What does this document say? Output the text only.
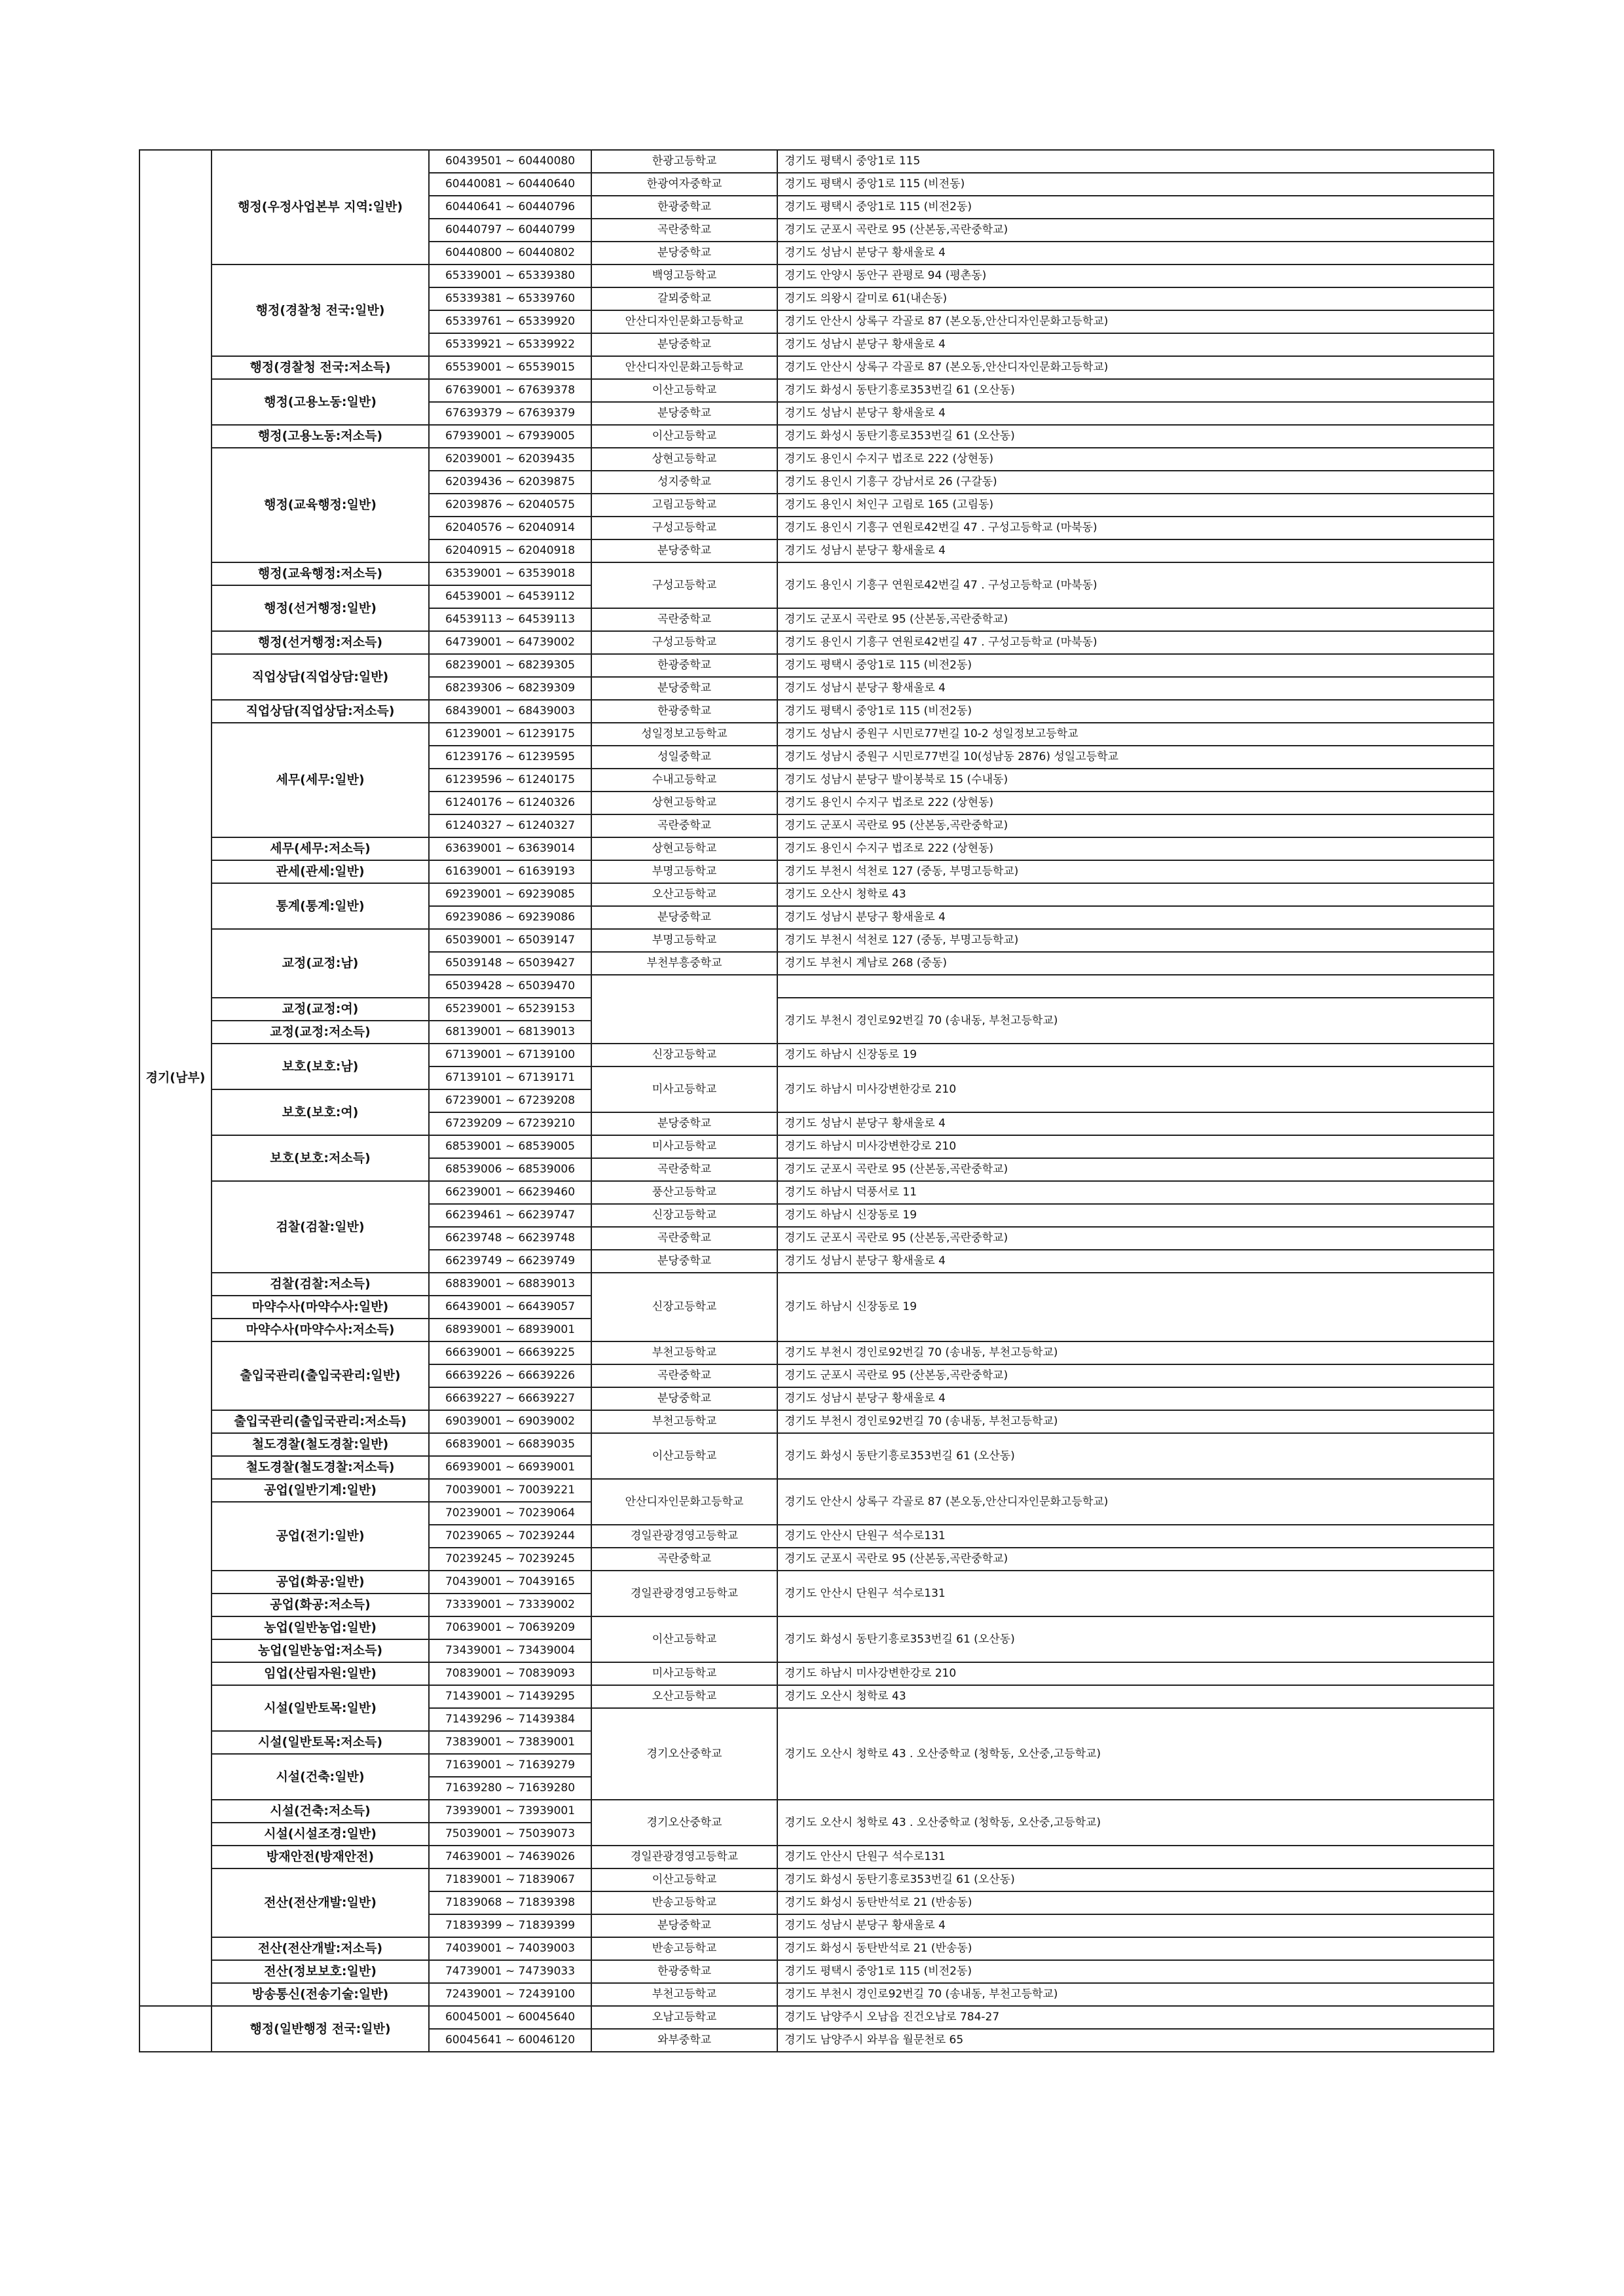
경기(남부)	행정(우정사업본부 지역:일반)	60439501 ~ 60440080	한광고등학교	경기도 평택시 중앙1로 115
		60440081 ~ 60440640	한광여자중학교	경기도 평택시 중앙1로 115 (비전동)
		60440641 ~ 60440796	한광중학교	경기도 평택시 중앙1로 115 (비전2동)
		60440797 ~ 60440799	곡란중학교	경기도 군포시 곡란로 95 (산본동,곡란중학교)
		60440800 ~ 60440802	분당중학교	경기도 성남시 분당구 황새울로 4
	행정(경찰청 전국:일반)	65339001 ~ 65339380	백영고등학교	경기도 안양시 동안구 관평로 94 (평촌동)
		65339381 ~ 65339760	갈뫼중학교	경기도 의왕시 갈미로 61(내손동)
		65339761 ~ 65339920	안산디자인문화고등학교	경기도 안산시 상록구 각골로 87 (본오동,안산디자인문화고등학교)
		65339921 ~ 65339922	분당중학교	경기도 성남시 분당구 황새울로 4
	행정(경찰청 전국:저소득)	65539001 ~ 65539015	안산디자인문화고등학교	경기도 안산시 상록구 각골로 87 (본오동,안산디자인문화고등학교)
	행정(고용노동:일반)	67639001 ~ 67639378	이산고등학교	경기도 화성시 동탄기흥로353번길 61 (오산동)
		67639379 ~ 67639379	분당중학교	경기도 성남시 분당구 황새울로 4
	행정(고용노동:저소득)	67939001 ~ 67939005	이산고등학교	경기도 화성시 동탄기흥로353번길 61 (오산동)
	행정(교육행정:일반)	62039001 ~ 62039435	상현고등학교	경기도 용인시 수지구 법조로 222 (상현동)
		62039436 ~ 62039875	성지중학교	경기도 용인시 기흥구 강남서로 26 (구갈동)
		62039876 ~ 62040575	고림고등학교	경기도 용인시 처인구 고림로 165 (고림동)
		62040576 ~ 62040914	구성고등학교	경기도 용인시 기흥구 연원로42번길 47 . 구성고등학교 (마북동)
		62040915 ~ 62040918	분당중학교	경기도 성남시 분당구 황새울로 4
	행정(교육행정:저소득)	63539001 ~ 63539018	구성고등학교	경기도 용인시 기흥구 연원로42번길 47 . 구성고등학교 (마북동)
	행정(선거행정:일반)	64539001 ~ 64539112		
		64539113 ~ 64539113	곡란중학교	경기도 군포시 곡란로 95 (산본동,곡란중학교)
	행정(선거행정:저소득)	64739001 ~ 64739002	구성고등학교	경기도 용인시 기흥구 연원로42번길 47 . 구성고등학교 (마북동)
	직업상담(직업상담:일반)	68239001 ~ 68239305	한광중학교	경기도 평택시 중앙1로 115 (비전2동)
		68239306 ~ 68239309	분당중학교	경기도 성남시 분당구 황새울로 4
	직업상담(직업상담:저소득)	68439001 ~ 68439003	한광중학교	경기도 평택시 중앙1로 115 (비전2동)
	세무(세무:일반)	61239001 ~ 61239175	성일정보고등학교	경기도 성남시 중원구 시민로77번길 10-2 성일정보고등학교
		61239176 ~ 61239595	성일중학교	경기도 성남시 중원구 시민로77번길 10(성남동 2876) 성일고등학교
		61239596 ~ 61240175	수내고등학교	경기도 성남시 분당구 발이봉북로 15 (수내동)
		61240176 ~ 61240326	상현고등학교	경기도 용인시 수지구 법조로 222 (상현동)
		61240327 ~ 61240327	곡란중학교	경기도 군포시 곡란로 95 (산본동,곡란중학교)
	세무(세무:저소득)	63639001 ~ 63639014	상현고등학교	경기도 용인시 수지구 법조로 222 (상현동)
	관세(관세:일반)	61639001 ~ 61639193	부명고등학교	경기도 부천시 석천로 127 (중동, 부명고등학교)
	통계(통계:일반)	69239001 ~ 69239085	오산고등학교	경기도 오산시 청학로 43
		69239086 ~ 69239086	분당중학교	경기도 성남시 분당구 황새울로 4
	교정(교정:남)	65039001 ~ 65039147	부명고등학교	경기도 부천시 석천로 127 (중동, 부명고등학교)
		65039148 ~ 65039427	부천부흥중학교	경기도 부천시 계남로 268 (중동)
		65039428 ~ 65039470		
	교정(교정:여)	65239001 ~ 65239153		경기도 부천시 경인로92번길 70 (송내동, 부천고등학교)
	교정(교정:저소득)	68139001 ~ 68139013		
	보호(보호:남)	67139001 ~ 67139100	신장고등학교	경기도 하남시 신장동로 19
		67139101 ~ 67139171	미사고등학교	경기도 하남시 미사강변한강로 210
	보호(보호:여)	67239001 ~ 67239208		
		67239209 ~ 67239210	분당중학교	경기도 성남시 분당구 황새울로 4
	보호(보호:저소득)	68539001 ~ 68539005	미사고등학교	경기도 하남시 미사강변한강로 210
		68539006 ~ 68539006	곡란중학교	경기도 군포시 곡란로 95 (산본동,곡란중학교)
	검찰(검찰:일반)	66239001 ~ 66239460	풍산고등학교	경기도 하남시 덕풍서로 11
		66239461 ~ 66239747	신장고등학교	경기도 하남시 신장동로 19
		66239748 ~ 66239748	곡란중학교	경기도 군포시 곡란로 95 (산본동,곡란중학교)
		66239749 ~ 66239749	분당중학교	경기도 성남시 분당구 황새울로 4
	검찰(검찰:저소득)	68839001 ~ 68839013	신장고등학교	경기도 하남시 신장동로 19
	마약수사(마약수사:일반)	66439001 ~ 66439057		
	마약수사(마약수사:저소득)	68939001 ~ 68939001		
	출입국관리(출입국관리:일반)	66639001 ~ 66639225	부천고등학교	경기도 부천시 경인로92번길 70 (송내동, 부천고등학교)
		66639226 ~ 66639226	곡란중학교	경기도 군포시 곡란로 95 (산본동,곡란중학교)
		66639227 ~ 66639227	분당중학교	경기도 성남시 분당구 황새울로 4
	출입국관리(출입국관리:저소득)	69039001 ~ 69039002	부천고등학교	경기도 부천시 경인로92번길 70 (송내동, 부천고등학교)
	철도경찰(철도경찰:일반)	66839001 ~ 66839035	이산고등학교	경기도 화성시 동탄기흥로353번길 61 (오산동)
	철도경찰(철도경찰:저소득)	66939001 ~ 66939001		
	공업(일반기계:일반)	70039001 ~ 70039221	안산디자인문화고등학교	경기도 안산시 상록구 각골로 87 (본오동,안산디자인문화고등학교)
	공업(전기:일반)	70239001 ~ 70239064		
		70239065 ~ 70239244	경일관광경영고등학교	경기도 안산시 단원구 석수로131
		70239245 ~ 70239245	곡란중학교	경기도 군포시 곡란로 95 (산본동,곡란중학교)
	공업(화공:일반)	70439001 ~ 70439165	경일관광경영고등학교	경기도 안산시 단원구 석수로131
	공업(화공:저소득)	73339001 ~ 73339002		
	농업(일반농업:일반)	70639001 ~ 70639209	이산고등학교	경기도 화성시 동탄기흥로353번길 61 (오산동)
	농업(일반농업:저소득)	73439001 ~ 73439004		
	임업(산림자원:일반)	70839001 ~ 70839093	미사고등학교	경기도 하남시 미사강변한강로 210
	시설(일반토목:일반)	71439001 ~ 71439295	오산고등학교	경기도 오산시 청학로 43
		71439296 ~ 71439384	경기오산중학교	경기도 오산시 청학로 43 . 오산중학교 (청학동, 오산중,고등학교)
	시설(일반토목:저소득)	73839001 ~ 73839001		
	시설(건축:일반)	71639001 ~ 71639279		
		71639280 ~ 71639280		
	시설(건축:저소득)	73939001 ~ 73939001	경기오산중학교	경기도 오산시 청학로 43 . 오산중학교 (청학동, 오산중,고등학교)
	시설(시설조경:일반)	75039001 ~ 75039073		
	방재안전(방재안전)	74639001 ~ 74639026	경일관광경영고등학교	경기도 안산시 단원구 석수로131
	전산(전산개발:일반)	71839001 ~ 71839067	이산고등학교	경기도 화성시 동탄기흥로353번길 61 (오산동)
		71839068 ~ 71839398	반송고등학교	경기도 화성시 동탄반석로 21 (반송동)
		71839399 ~ 71839399	분당중학교	경기도 성남시 분당구 황새울로 4
	전산(전산개발:저소득)	74039001 ~ 74039003	반송고등학교	경기도 화성시 동탄반석로 21 (반송동)
	전산(정보보호:일반)	74739001 ~ 74739033	한광중학교	경기도 평택시 중앙1로 115 (비전2동)
	방송통신(전송기술:일반)	72439001 ~ 72439100	부천고등학교	경기도 부천시 경인로92번길 70 (송내동, 부천고등학교)
	행정(일반행정 전국:일반)	60045001 ~ 60045640	오남고등학교	경기도 남양주시 오남읍 진건오남로 784-27
		60045641 ~ 60046120	와부중학교	경기도 남양주시 와부읍 월문천로 65
